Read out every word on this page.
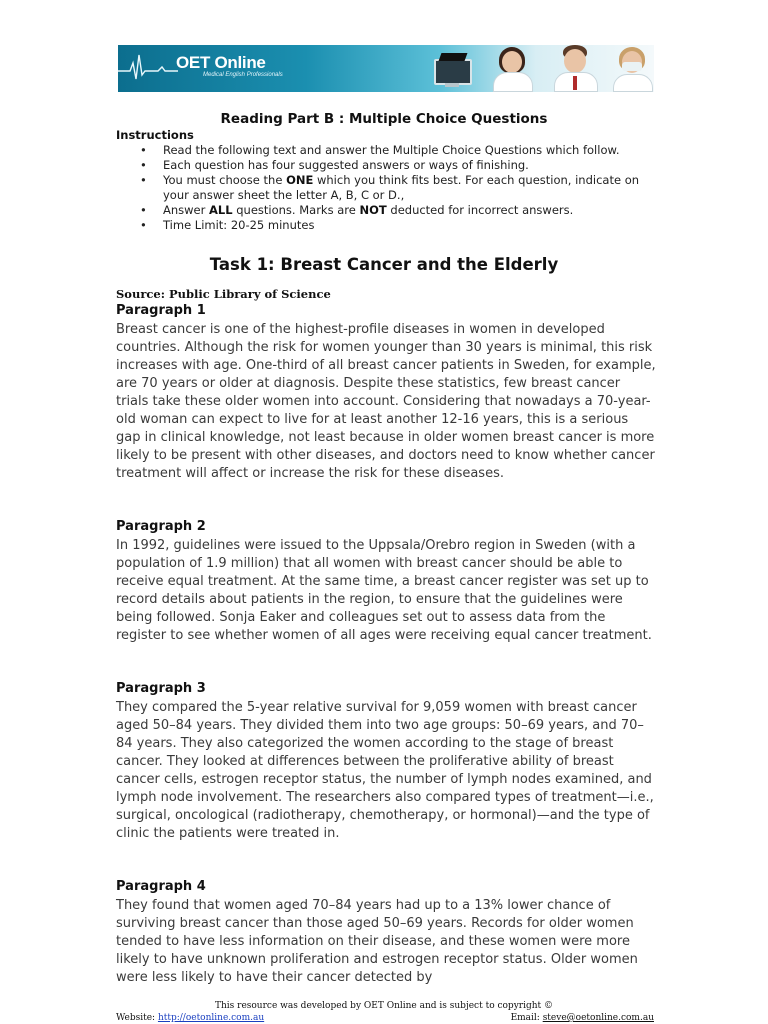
OET Online
Medical English Professionals
Reading Part B : Multiple Choice Questions
Instructions
• Read the following text and answer the Multiple Choice Questions which follow.
• Each question has four suggested answers or ways of finishing.
• You must choose the ONE which you think fits best. For each question, indicate on your answer sheet the letter A, B, C or D.,
• Answer ALL questions. Marks are NOT deducted for incorrect answers.
• Time Limit: 20-25 minutes
Task 1: Breast Cancer and the Elderly
Source: Public Library of Science
Paragraph 1

Breast cancer is one of the highest-profile diseases in women in developed countries. Although the risk for women younger than 30 years is minimal, this risk increases with age. One-third of all breast cancer patients in Sweden, for example, are 70 years or older at diagnosis. Despite these statistics, few breast cancer trials take these older women into account. Considering that nowadays a 70-year-old woman can expect to live for at least another 12-16 years, this is a serious gap in clinical knowledge, not least because in older women breast cancer is more likely to be present with other diseases, and doctors need to know whether cancer treatment will affect or increase the risk for these diseases.

Paragraph 2

In 1992, guidelines were issued to the Uppsala/Orebro region in Sweden (with a population of 1.9 million) that all women with breast cancer should be able to receive equal treatment. At the same time, a breast cancer register was set up to record details about patients in the region, to ensure that the guidelines were being followed. Sonja Eaker and colleagues set out to assess data from the register to see whether women of all ages were receiving equal cancer treatment.

Paragraph 3

They compared the 5-year relative survival for 9,059 women with breast cancer aged 50–84 years. They divided them into two age groups: 50–69 years, and 70–84 years. They also categorized the women according to the stage of breast cancer. They looked at differences between the proliferative ability of breast cancer cells, estrogen receptor status, the number of lymph nodes examined, and lymph node involvement. The researchers also compared types of treatment—i.e., surgical, oncological (radiotherapy, chemotherapy, or hormonal)—and the type of clinic the patients were treated in.

Paragraph 4

They found that women aged 70–84 years had up to a 13% lower chance of surviving breast cancer than those aged 50–69 years. Records for older women tended to have less information on their disease, and these women were more likely to have unknown proliferation and estrogen receptor status. Older women were less likely to have their cancer detected by

This resource was developed by OET Online and is subject to copyright ©
Website: http://oetonline.com.au	Email: steve@oetonline.com.au
